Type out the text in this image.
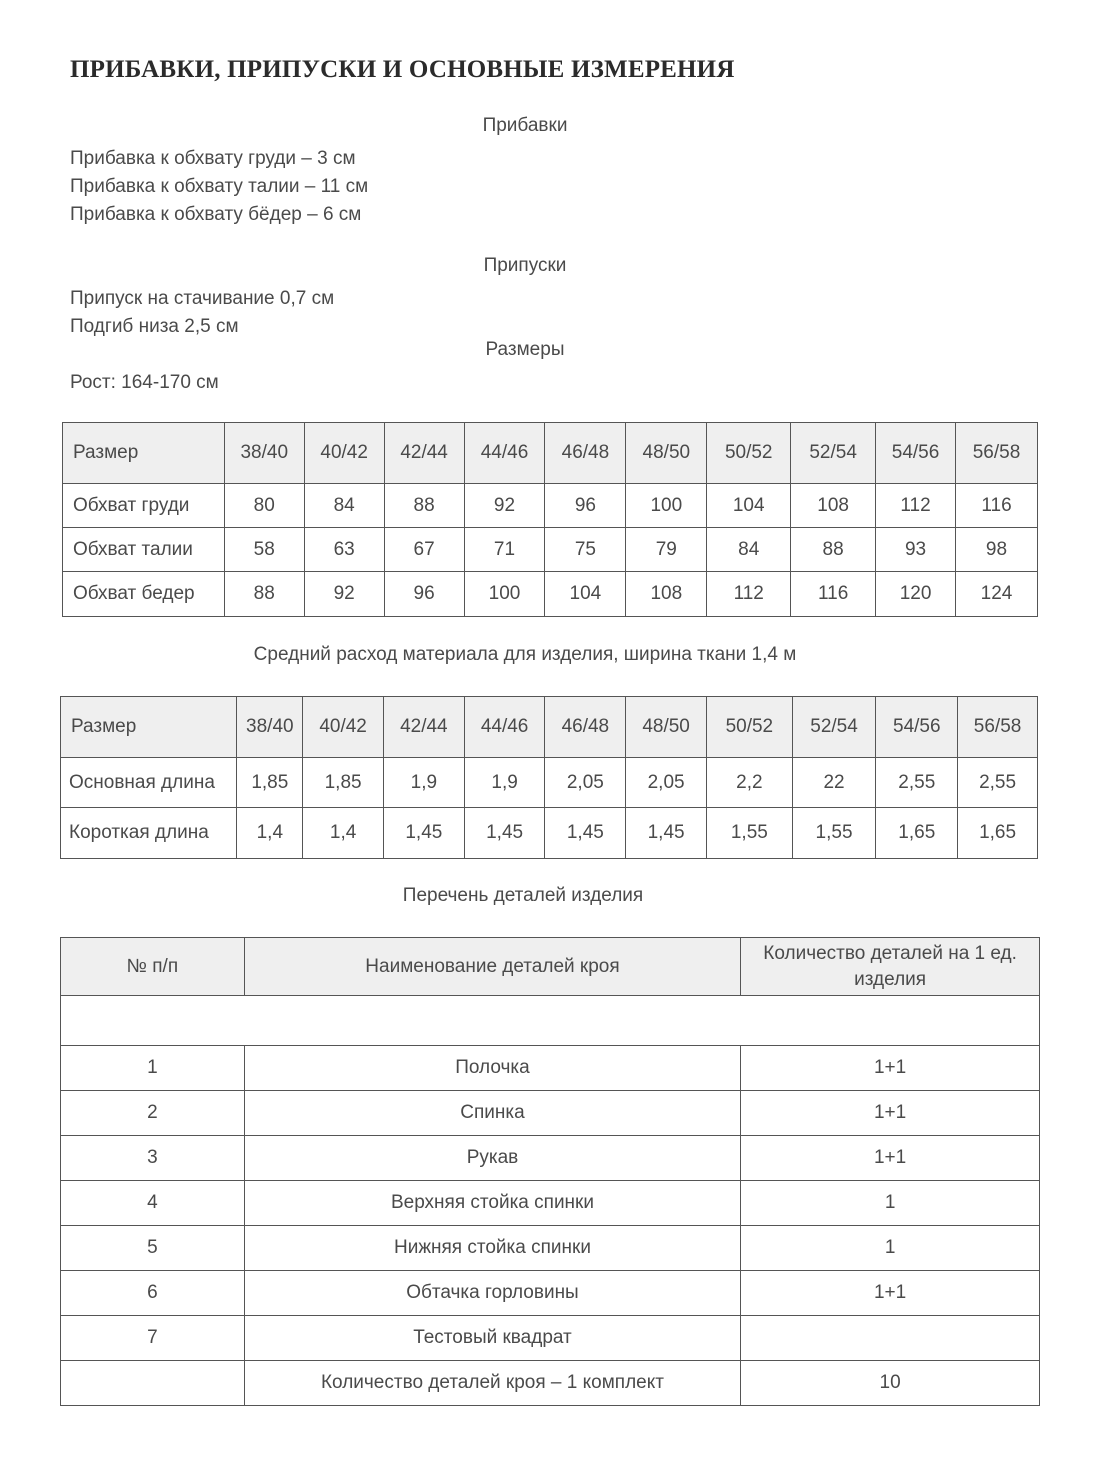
ПРИБАВКИ, ПРИПУСКИ И ОСНОВНЫЕ ИЗМЕРЕНИЯ
Прибавки
Прибавка к обхвату груди – 3 см
Прибавка к обхвату талии – 11 см
Прибавка к обхвату бёдер – 6 см
Припуски
Припуск на стачивание 0,7 см
Подгиб низа 2,5 см
Размеры
Рост: 164-170 см
Размер	38/40	40/42	42/44	44/46	46/48	48/50	50/52	52/54	54/56	56/58
Обхват груди	80	84	88	92	96	100	104	108	112	116
Обхват талии	58	63	67	71	75	79	84	88	93	98
Обхват бедер	88	92	96	100	104	108	112	116	120	124
Средний расход материала для изделия, ширина ткани 1,4 м
Размер	38/40	40/42	42/44	44/46	46/48	48/50	50/52	52/54	54/56	56/58
Основная длина	1,85	1,85	1,9	1,9	2,05	2,05	2,2	22	2,55	2,55
Короткая длина	1,4	1,4	1,45	1,45	1,45	1,45	1,55	1,55	1,65	1,65
Перечень деталей изделия
№ п/п	Наименование деталей кроя	Количество деталей на 1 ед. изделия

1	Полочка	1+1
2	Спинка	1+1
3	Рукав	1+1
4	Верхняя стойка спинки	1
5	Нижняя стойка спинки	1
6	Обтачка горловины	1+1
7	Тестовый квадрат	
	Количество деталей кроя – 1 комплект	10
